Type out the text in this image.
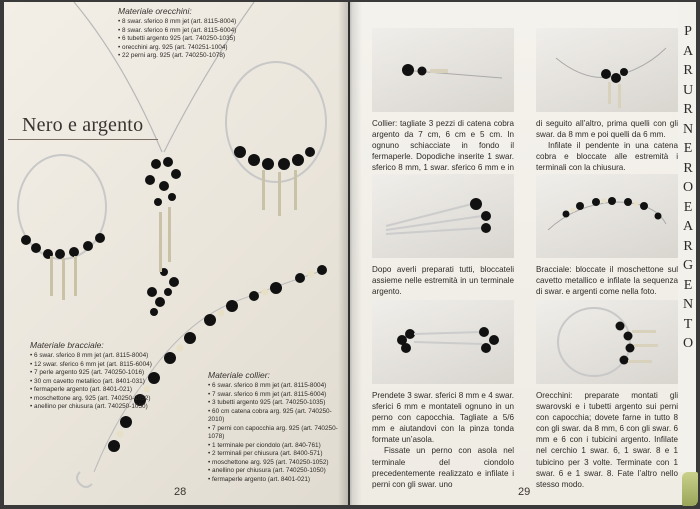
Nero e argento
Materiale orecchini:
• 8 swar. sferico 8 mm jet (art. 8115-8004)
• 8 swar. sferico 6 mm jet (art. 8115-6004)
• 6 tubetti argento 925 (art. 740250-1035)
• orecchini arg. 925 (art. 740251-1004)
• 22 perni arg. 925 (art. 740250-1078)
Materiale bracciale:
• 6 swar. sferico 8 mm jet (art. 8115-8004)
• 12 swar. sferico 6 mm jet (art. 8115-6004)
• 7 perle argento 925 (art. 740250-1016)
• 30 cm cavetto metallico (art. 8401-031)
• fermaperle argento (art. 8401-021)
• moschettone arg. 925 (art. 740250-1052)
• anellino per chiusura (art. 740250-1050)
Materiale collier:
• 6 swar. sferico 8 mm jet (art. 8115-8004)
• 7 swar. sferico 6 mm jet (art. 8115-6004)
• 3 tubetti argento 925 (art. 740250-1035)
• 60 cm catena cobra arg. 925 (art. 740250-2010)
• 7 perni con capocchia arg. 925 (art. 740250-1078)
• 1 terminale per ciondolo (art. 840-761)
• 2 terminali per chiusura (art. 8400-571)
• moschettone arg. 925 (art. 740250-1052)
• anellino per chiusura (art. 740250-1050)
• fermaperle argento (art. 8401-021)
28
Collier: tagliate 3 pezzi di catena cobra argento da 7 cm, 6 cm e 5 cm. In ognuno schiacciate in fondo il fermaperle. Dopodiche inserite 1 swar. sferico 8 mm, 1 swar. sferico 6 mm e in
di seguito all’altro, prima quelli con gli swar. da 8 mm e poi quelli da 6 mm.
Infilate il pendente in una catena cobra e bloccate alle estremità i terminali con la chiusura.
Dopo averli preparati tutti, bloccateli assieme nelle estremità in un terminale argento.
Bracciale: bloccate il moschettone sul cavetto metallico e infilate la sequenza di swar. e argenti come nella foto.
Prendete 3 swar. sferici 8 mm e 4 swar. sferici 6 mm e montateli ognuno in un perno con capocchia. Tagliate a 5/6 mm e aiutandovi con la pinza tonda formate un’asola.
Fissate un perno con asola nel terminale del ciondolo precedentemente realizzato e infilate i perni con gli swar. uno
Orecchini: preparate montati gli swarovski e i tubetti argento sui perni con capocchia; dovete farne in tutto 8 con gli swar. da 8 mm, 6 con gli swar. 6 mm e 6 con i tubicini argento. Infilate nel cerchio 1 swar. 6, 1 swar. 8 e 1 tubicino per 3 volte. Terminate con 1 swar. 6 e 1 swar. 8. Fate l’altro nello stesso modo.
29
P
A
R
U
R
N
E
R
O
E
A
R
G
E
N
T
O
